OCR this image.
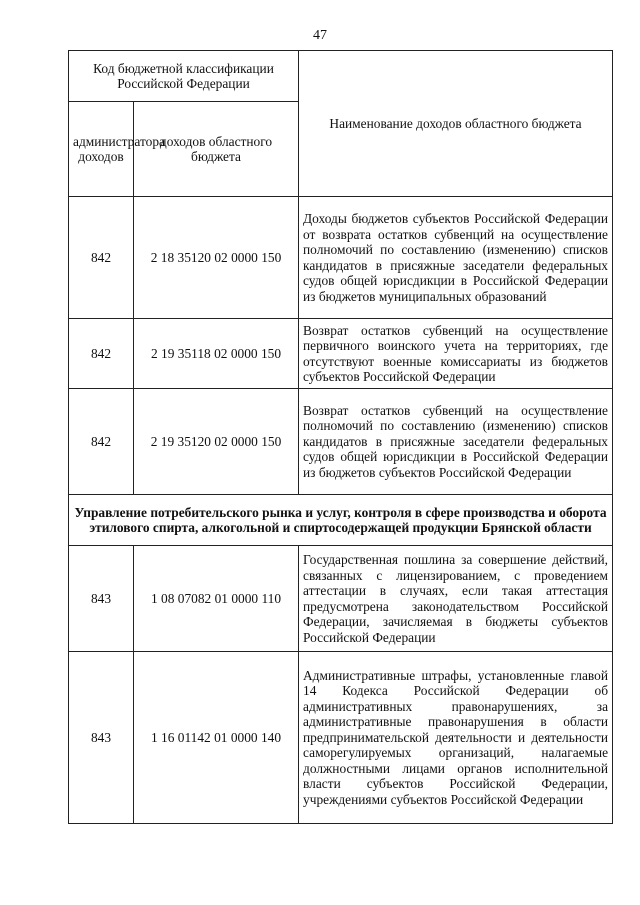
47
Код бюджетной классификации Российской Федерации		Наименование доходов областного бюджета
администратора доходов	доходов областного бюджета	
842	2 18 35120 02 0000 150	Доходы бюджетов субъектов Российской Федерации от возврата остатков субвенций на осуществление полномочий по составлению (изменению) списков кандидатов в присяжные заседатели федеральных судов общей юрисдикции в Российской Федерации из бюджетов муниципальных образований
842	2 19 35118 02 0000 150	Возврат остатков субвенций на осуществление первичного воинского учета на территориях, где отсутствуют военные комиссариаты из бюджетов субъектов Российской Федерации
842	2 19 35120 02 0000 150	Возврат остатков субвенций на осуществление полномочий по составлению (изменению) списков кандидатов в присяжные заседатели федеральных судов общей юрисдикции в Российской Федерации из бюджетов субъектов Российской Федерации
Управление потребительского рынка и услуг, контроля в сфере производства и оборота этилового спирта, алкогольной и спиртосодержащей продукции Брянской области		
843	1 08 07082 01 0000 110	Государственная пошлина за совершение действий, связанных с лицензированием, с проведением аттестации в случаях, если такая аттестация предусмотрена законодательством Российской Федерации, зачисляемая в бюджеты субъектов Российской Федерации
843	1 16 01142 01 0000 140	Административные штрафы, установленные главой 14 Кодекса Российской Федерации об административных правонарушениях, за административные правонарушения в области предпринимательской деятельности и деятельности саморегулируемых организаций, налагаемые должностными лицами органов исполнительной власти субъектов Российской Федерации, учреждениями субъектов Российской Федерации
